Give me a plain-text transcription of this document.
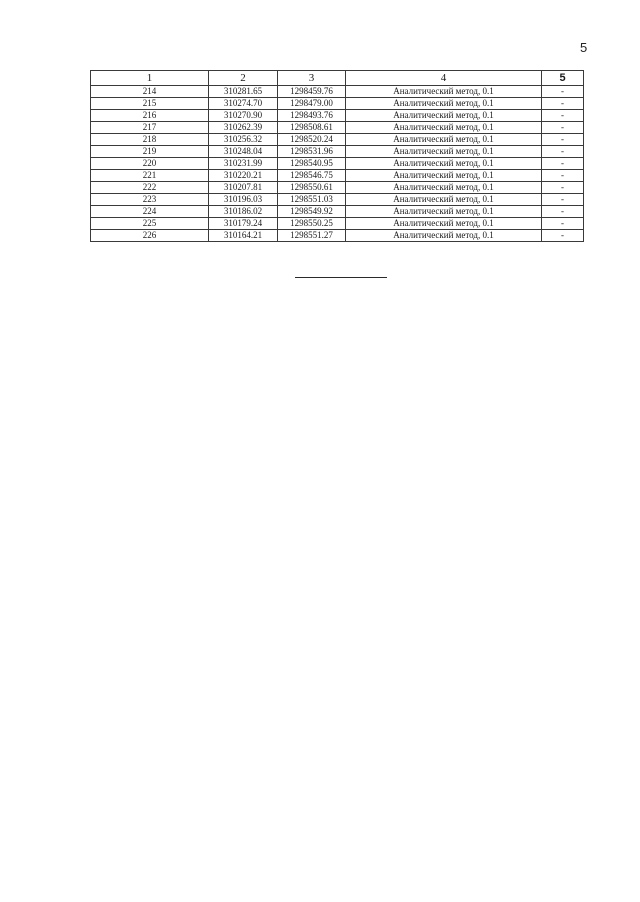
5
1	2	3	4	5
214	310281.65	1298459.76	Аналитический метод, 0.1	-
215	310274.70	1298479.00	Аналитический метод, 0.1	-
216	310270.90	1298493.76	Аналитический метод, 0.1	-
217	310262.39	1298508.61	Аналитический метод, 0.1	-
218	310256.32	1298520.24	Аналитический метод, 0.1	-
219	310248.04	1298531.96	Аналитический метод, 0.1	-
220	310231.99	1298540.95	Аналитический метод, 0.1	-
221	310220.21	1298546.75	Аналитический метод, 0.1	-
222	310207.81	1298550.61	Аналитический метод, 0.1	-
223	310196.03	1298551.03	Аналитический метод, 0.1	-
224	310186.02	1298549.92	Аналитический метод, 0.1	-
225	310179.24	1298550.25	Аналитический метод, 0.1	-
226	310164.21	1298551.27	Аналитический метод, 0.1	-
